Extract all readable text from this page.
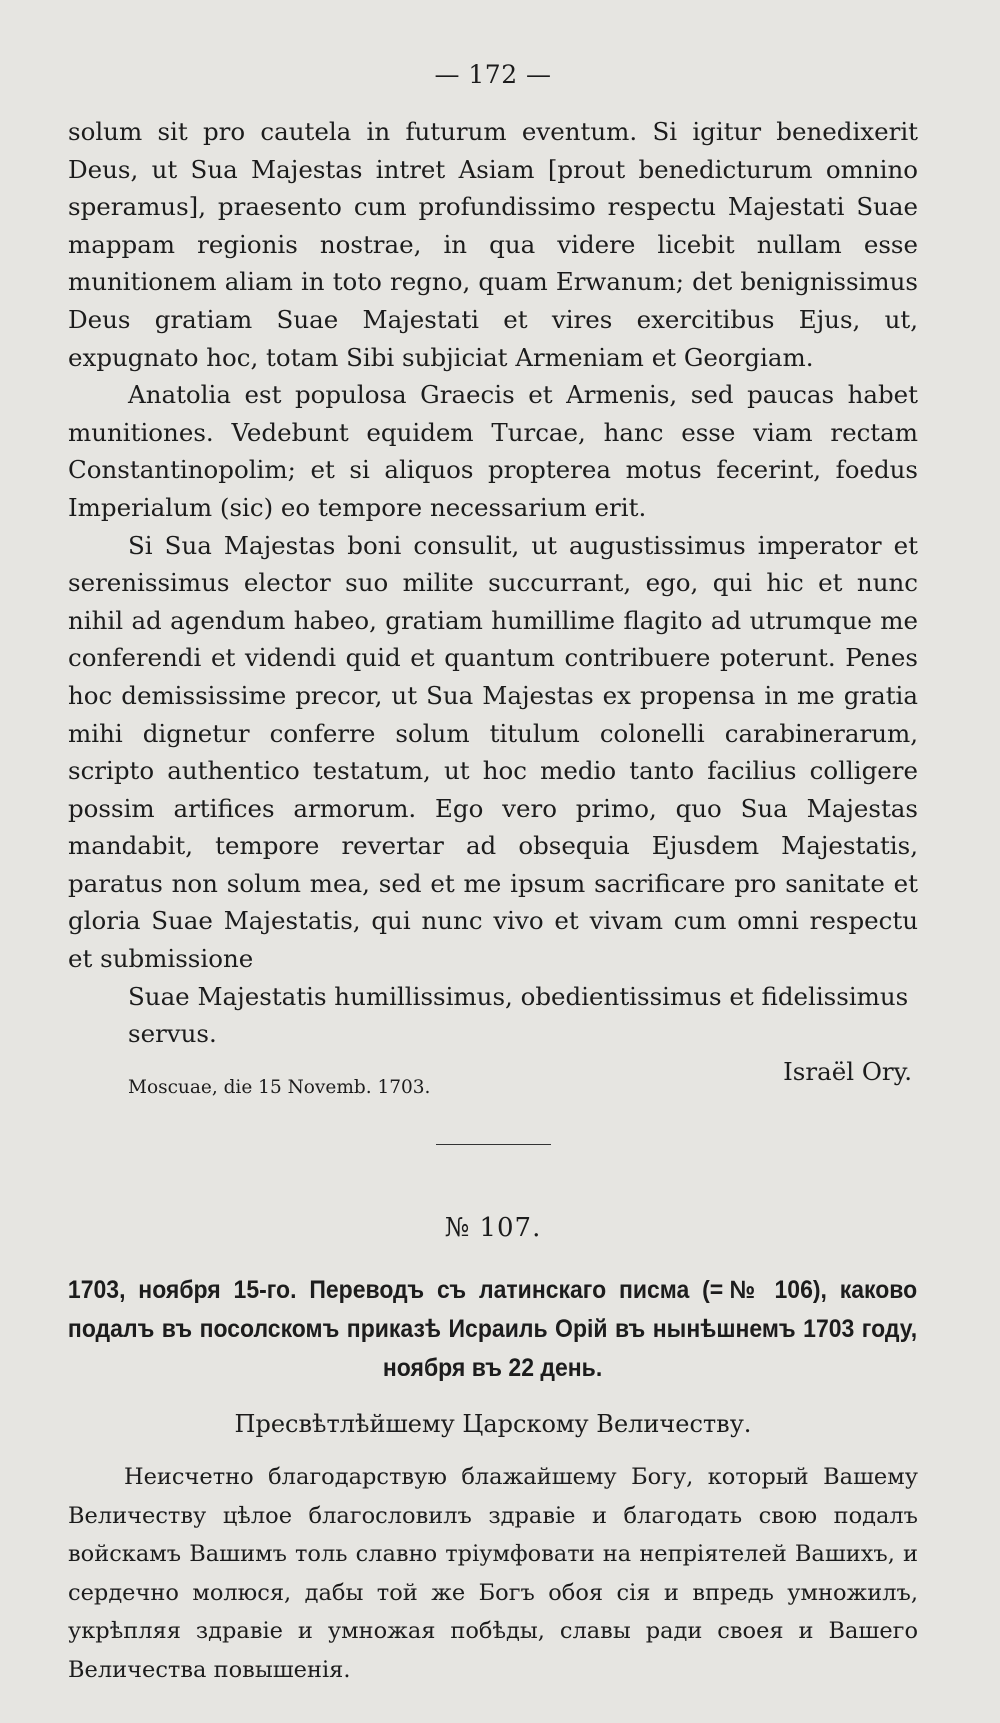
— 172 —

solum sit pro cautela in futurum eventum. Si igitur benedixerit Deus, ut Sua Majestas intret Asiam [prout benedicturum omnino speramus], praesento cum profundissimo respectu Majestati Suae mappam regionis nostrae, in qua videre licebit nullam esse munitionem aliam in toto regno, quam Erwanum; det benignissimus Deus gratiam Suae Majestati et vires exercitibus Ejus, ut, expugnato hoc, totam Sibi subjiciat Armeniam et Georgiam.

Anatolia est populosa Graecis et Armenis, sed paucas habet munitiones. Vedebunt equidem Turcae, hanc esse viam rectam Constantinopolim; et si aliquos propterea motus fecerint, foedus Imperialum (sic) eo tempore necessarium erit.

Si Sua Majestas boni consulit, ut augustissimus imperator et serenissimus elector suo milite succurrant, ego, qui hic et nunc nihil ad agendum habeo, gratiam humillime flagito ad utrumque me conferendi et videndi quid et quantum contribuere poterunt. Penes hoc demississime precor, ut Sua Majestas ex propensa in me gratia mihi dignetur conferre solum titulum colonelli carabinerarum, scripto authentico testatum, ut hoc medio tanto facilius colligere possim artifices armorum. Ego vero primo, quo Sua Majestas mandabit, tempore revertar ad obsequia Ejusdem Majestatis, paratus non solum mea, sed et me ipsum sacrificare pro sanitate et gloria Suae Majestatis, qui nunc vivo et vivam cum omni respectu et submissione

Suae Majestatis humillissimus, obedientissimus et fidelissimus servus.

Israël Ory.

Moscuae, die 15 Novemb. 1703.
№ 107.
1703, ноября 15-го. Переводъ съ латинскаго писма (=№ 106), каково подалъ въ посолскомъ приказѣ Исраиль Орій въ нынѣшнемъ 1703 году, ноября въ 22 день.
Пресвѣтлѣйшему Царскому Величеству.

Неисчетно благодарствую блажайшему Богу, который Вашему Величеству цѣлое благословилъ здравіе и благодать свою подалъ войскамъ Вашимъ толь славно тріумфовати на непріятелей Вашихъ, и сердечно молюся, дабы той же Богъ обоя сія и впредь умножилъ, укрѣпляя здравіе и умножая побѣды, славы ради своея и Вашего Величества повышенія.
